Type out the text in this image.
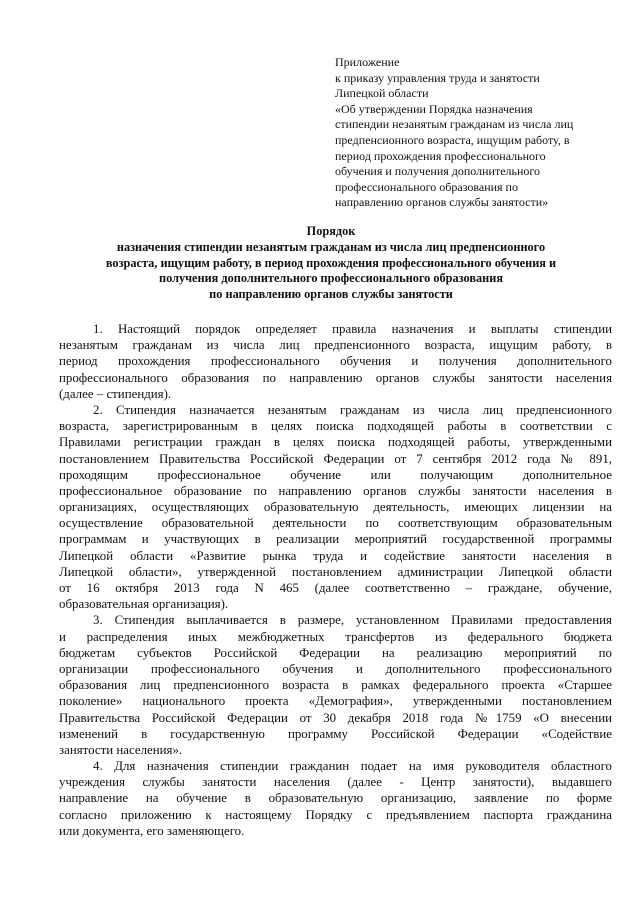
Приложение
к приказу управления труда и занятости
Липецкой области
«Об утверждении Порядка назначения
стипендии незанятым гражданам из числа лиц
предпенсионного возраста, ищущим работу, в
период прохождения профессионального
обучения и получения дополнительного
профессионального образования по
направлению органов службы занятости»
Порядок
назначения стипендии незанятым гражданам из числа лиц предпенсионного
возраста, ищущим работу, в период прохождения профессионального обучения и
получения дополнительного профессионального образования
по направлению органов службы занятости
1. Настоящий порядок определяет правила назначения и выплаты стипендии
незанятым гражданам из числа лиц предпенсионного возраста, ищущим работу, в
период прохождения профессионального обучения и получения дополнительного
профессионального образования по направлению органов службы занятости населения
(далее – стипендия).
2. Стипендия назначается незанятым гражданам из числа лиц предпенсионного
возраста, зарегистрированным в целях поиска подходящей работы в соответствии с
Правилами регистрации граждан в целях поиска подходящей работы, утвержденными
постановлением Правительства Российской Федерации от 7 сентября 2012 года № 891,
проходящим профессиональное обучение или получающим дополнительное
профессиональное образование по направлению органов службы занятости населения в
организациях, осуществляющих образовательную деятельность, имеющих лицензии на
осуществление образовательной деятельности по соответствующим образовательным
программам и участвующих в реализации мероприятий государственной программы
Липецкой области «Развитие рынка труда и содействие занятости населения в
Липецкой области», утвержденной постановлением администрации Липецкой области
от 16 октября 2013 года N 465 (далее соответственно – граждане, обучение,
образовательная организация).
3. Стипендия выплачивается в размере, установленном Правилами предоставления
и распределения иных межбюджетных трансфертов из федерального бюджета
бюджетам субъектов Российской Федерации на реализацию мероприятий по
организации профессионального обучения и дополнительного профессионального
образования лиц предпенсионного возраста в рамках федерального проекта «Старшее
поколение» национального проекта «Демография», утвержденными постановлением
Правительства Российской Федерации от 30 декабря 2018 года №1759 «О внесении
изменений в государственную программу Российской Федерации «Содействие
занятости населения».
4. Для назначения стипендии гражданин подает на имя руководителя областного
учреждения службы занятости населения (далее - Центр занятости), выдавшего
направление на обучение в образовательную организацию, заявление по форме
согласно приложению к настоящему Порядку с предъявлением паспорта гражданина
или документа, его заменяющего.
